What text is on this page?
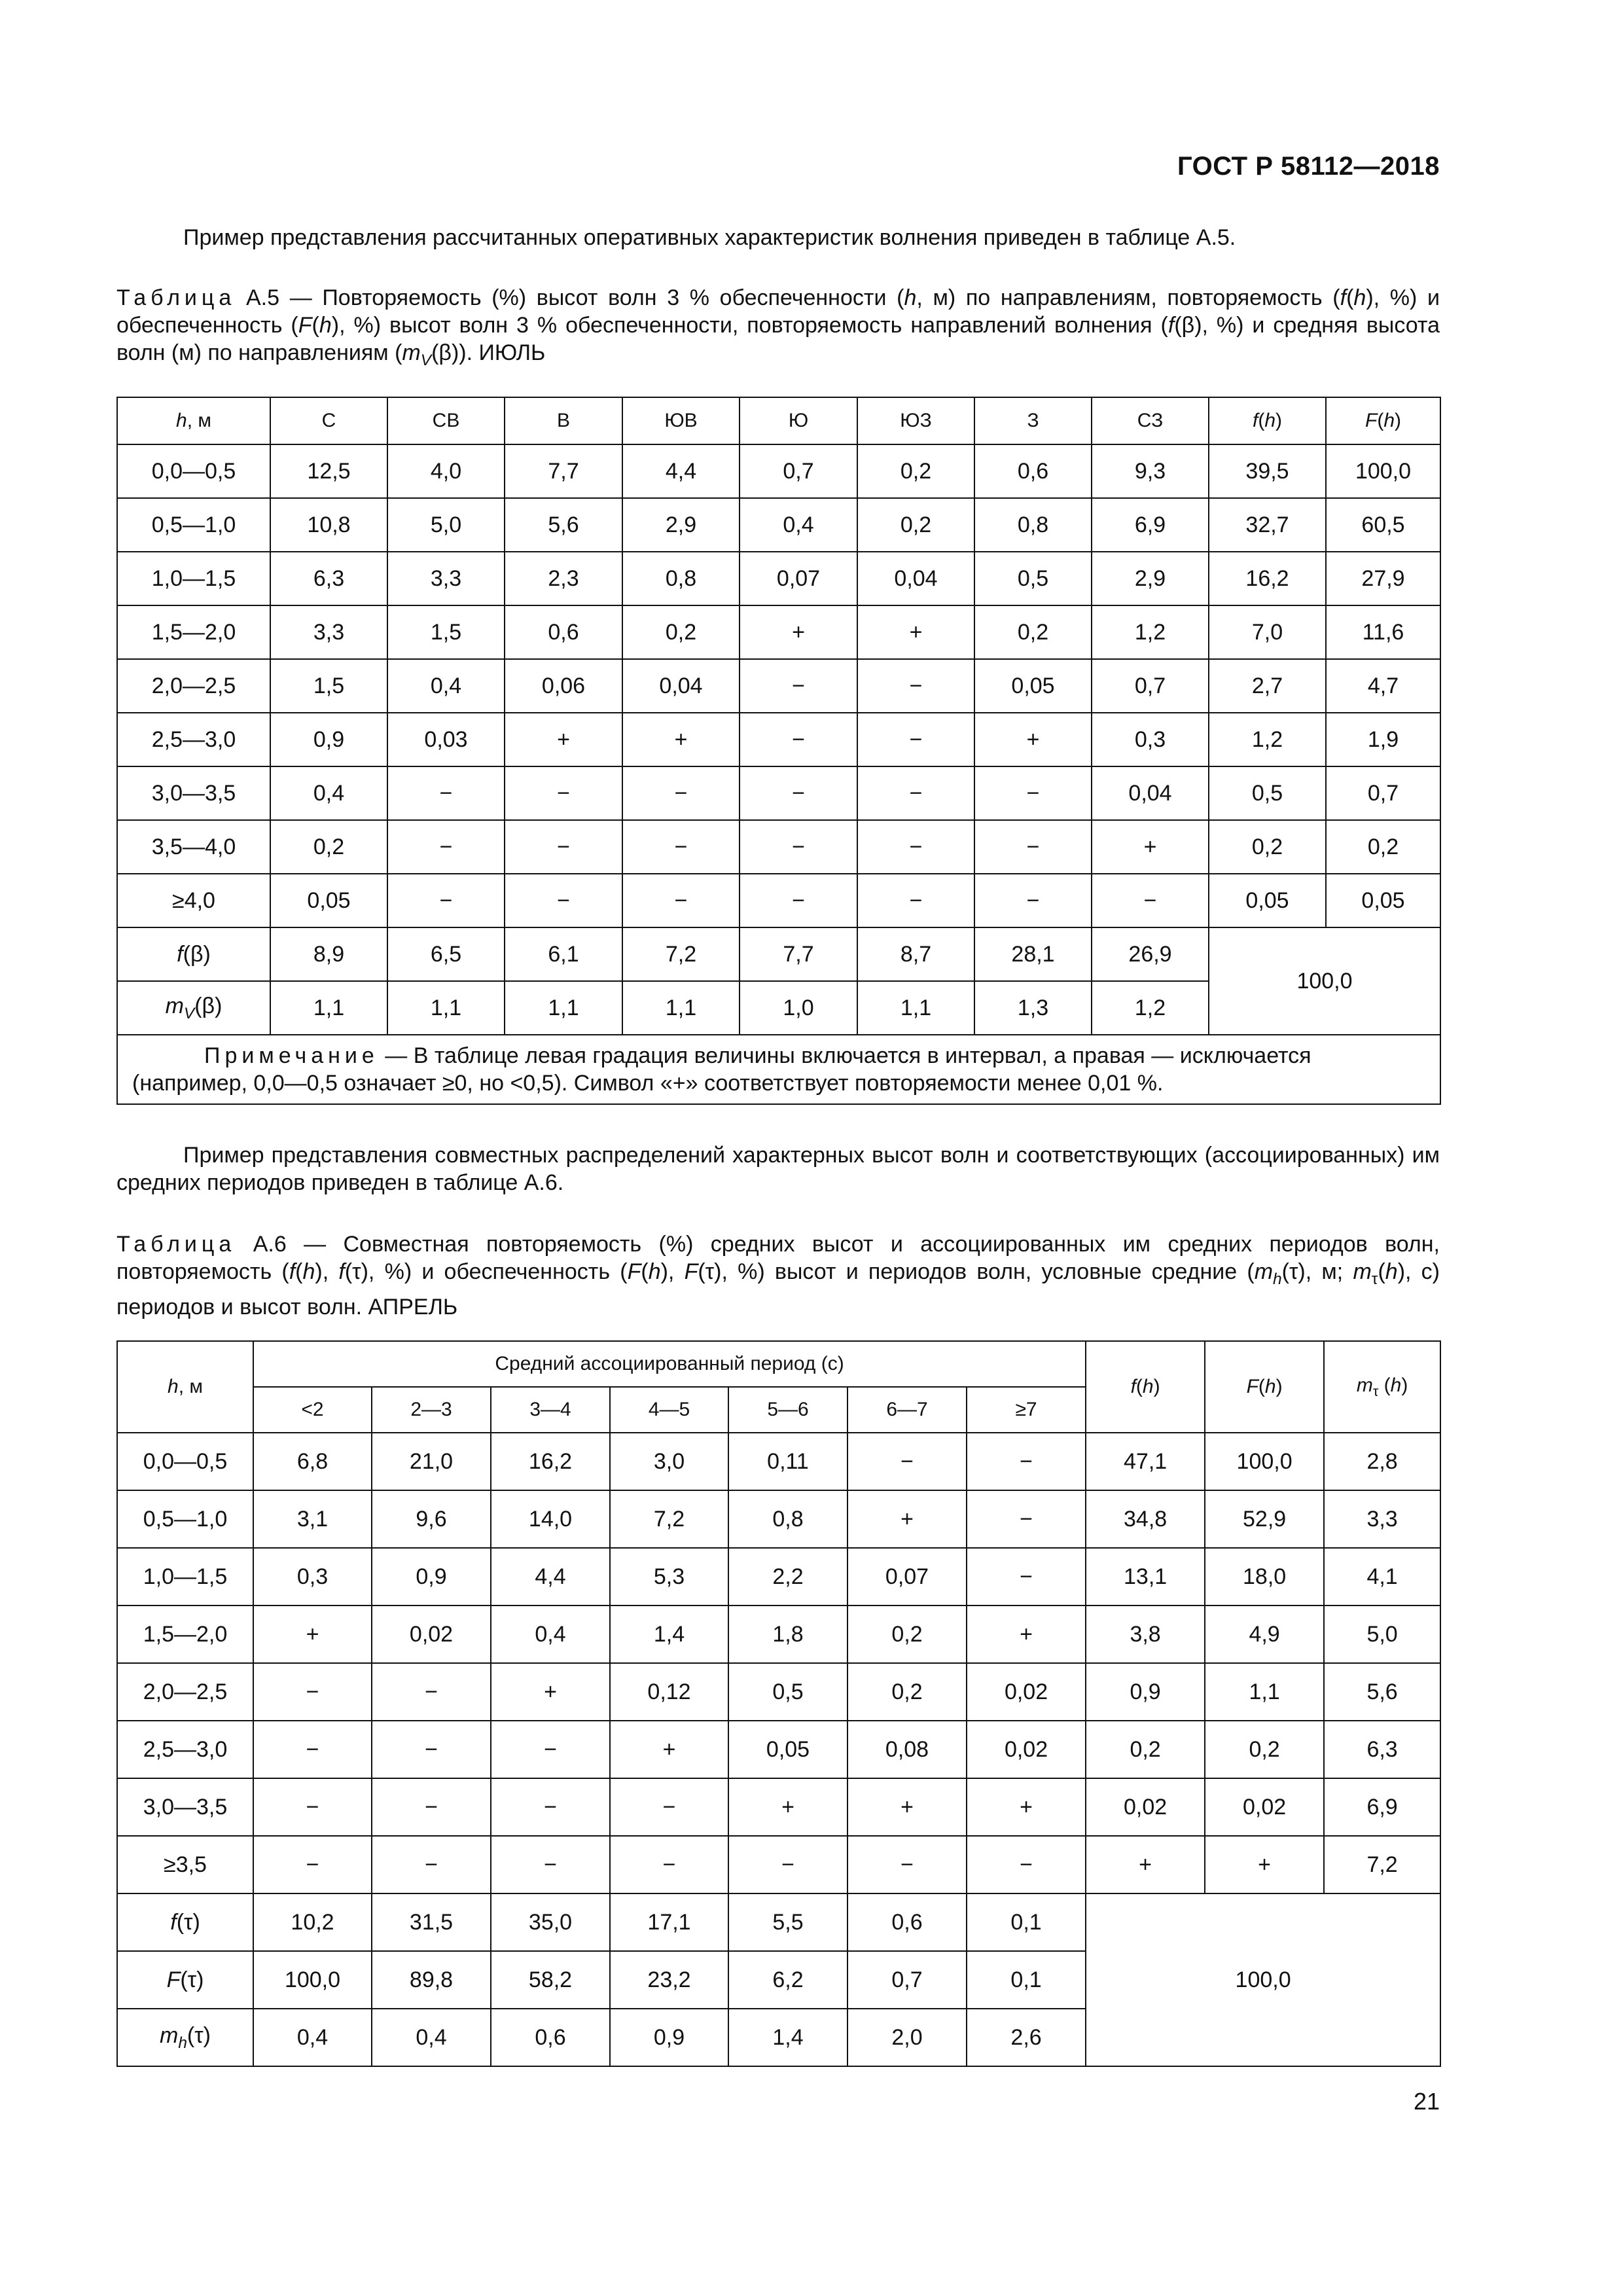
ГОСТ Р 58112—2018
Пример представления рассчитанных оперативных характеристик волнения приведен в таблице А.5.
Таблица А.5 — Повторяемость (%) высот волн 3 % обеспеченности (h, м) по направлениям, повторяемость (f(h), %) и обеспеченность (F(h), %) высот волн 3 % обеспеченности, повторяемость направлений волнения (f(β), %) и средняя высота волн (м) по направлениям $(m_V(\beta))$. ИЮЛЬ
h, м	С	СВ	В	ЮВ	Ю	ЮЗ	З	СЗ	f(h)	F(h)
0,0—0,5	12,5	4,0	7,7	4,4	0,7	0,2	0,6	9,3	39,5	100,0
0,5—1,0	10,8	5,0	5,6	2,9	0,4	0,2	0,8	6,9	32,7	60,5
1,0—1,5	6,3	3,3	2,3	0,8	0,07	0,04	0,5	2,9	16,2	27,9
1,5—2,0	3,3	1,5	0,6	0,2	+	+	0,2	1,2	7,0	11,6
2,0—2,5	1,5	0,4	0,06	0,04	−	−	0,05	0,7	2,7	4,7
2,5—3,0	0,9	0,03	+	+	−	−	+	0,3	1,2	1,9
3,0—3,5	0,4	−	−	−	−	−	−	0,04	0,5	0,7
3,5—4,0	0,2	−	−	−	−	−	−	+	0,2	0,2
≥4,0	0,05	−	−	−	−	−	−	−	0,05	0,05
f(β)	8,9	6,5	6,1	7,2	7,7	8,7	28,1	26,9	100,0	
$m_V(\beta)$	1,1	1,1	1,1	1,1	1,0	1,1	1,3	1,2		
Примечание — В таблице левая градация величины включается в интервал, а правая — исключается (например, 0,0—0,5 означает ≥0, но <0,5). Символ «+» соответствует повторяемости менее 0,01 %.										
Пример представления совместных распределений характерных высот волн и соответствующих (ассоциированных) им средних периодов приведен в таблице А.6.
Таблица А.6 — Совместная повторяемость (%) средних высот и ассоциированных им средних периодов волн, повторяемость (f(h), f(τ), %) и обеспеченность (F(h), F(τ), %) высот и периодов волн, условные средние ($m_h(\tau)$, м; $m_\tau(h)$, с) периодов и высот волн. АПРЕЛЬ
h, м	Средний ассоциированный период (с)							f(h)	F(h)	$m_\tau$ (h)
	<2	2—3	3—4	4—5	5—6	6—7	≥7			
0,0—0,5	6,8	21,0	16,2	3,0	0,11	−	−	47,1	100,0	2,8
0,5—1,0	3,1	9,6	14,0	7,2	0,8	+	−	34,8	52,9	3,3
1,0—1,5	0,3	0,9	4,4	5,3	2,2	0,07	−	13,1	18,0	4,1
1,5—2,0	+	0,02	0,4	1,4	1,8	0,2	+	3,8	4,9	5,0
2,0—2,5	−	−	+	0,12	0,5	0,2	0,02	0,9	1,1	5,6
2,5—3,0	−	−	−	+	0,05	0,08	0,02	0,2	0,2	6,3
3,0—3,5	−	−	−	−	+	+	+	0,02	0,02	6,9
≥3,5	−	−	−	−	−	−	−	+	+	7,2
f(τ)	10,2	31,5	35,0	17,1	5,5	0,6	0,1	100,0		
F(τ)	100,0	89,8	58,2	23,2	6,2	0,7	0,1			
$m_h(\tau)$	0,4	0,4	0,6	0,9	1,4	2,0	2,6			
21
